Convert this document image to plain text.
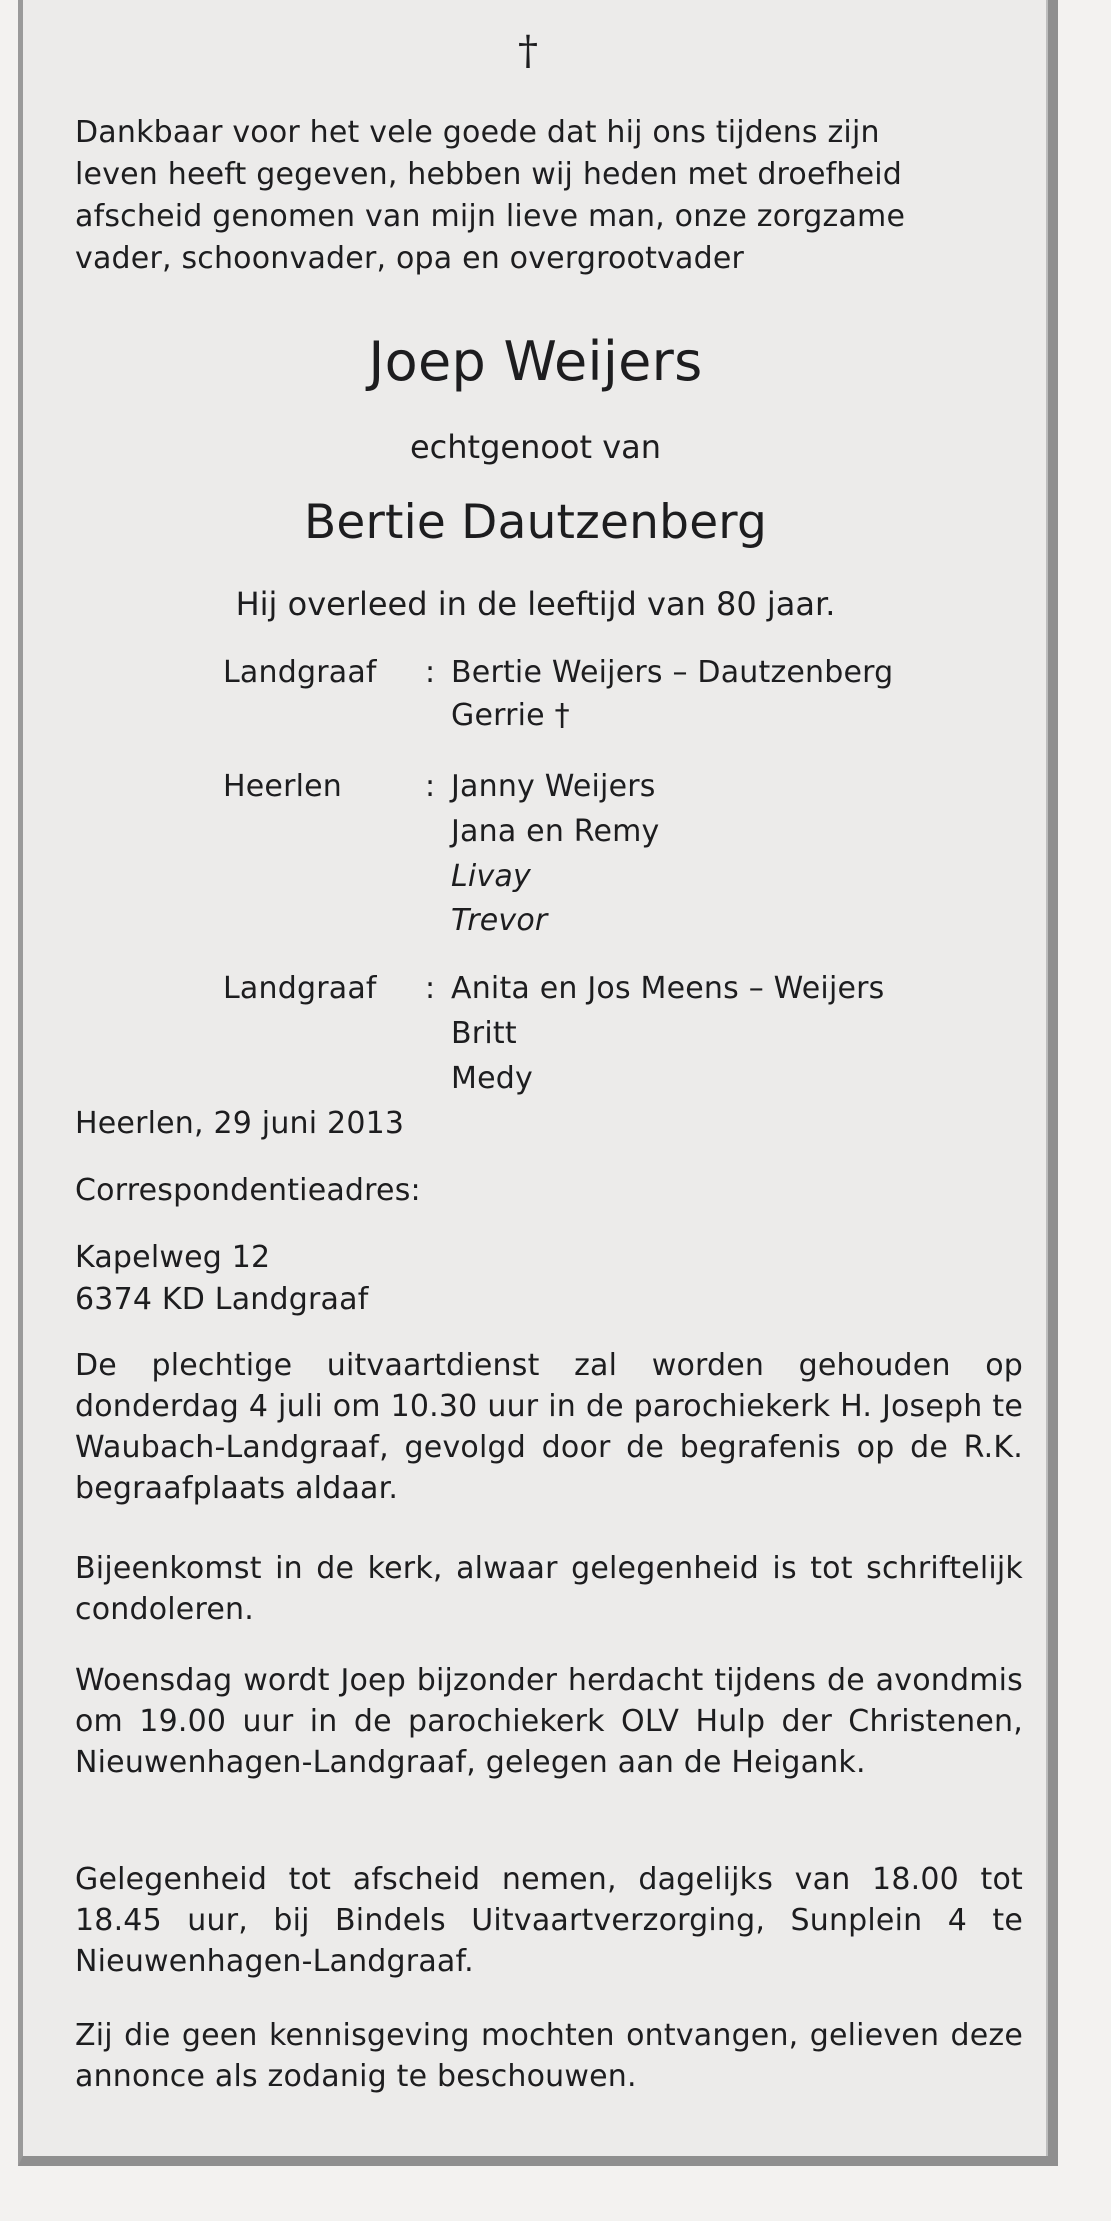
†

Dankbaar voor het vele goede dat hij ons tijdens zijn

leven heeft gegeven, hebben wij heden met droefheid

afscheid genomen van mijn lieve man, onze zorgzame

vader, schoonvader, opa en overgrootvader

Joep Weijers

echtgenoot van

Bertie Dautzenberg

Hij overleed in de leeftijd van 80 jaar.

Landgraaf : Bertie Weijers – Dautzenberg

Gerrie †

Heerlen	: Janny Weijers

Jana en Remy

Livay

Trevor

Landgraaf : Anita en Jos Meens – Weijers

Britt

Medy

Heerlen, 29 juni 2013

Correspondentieadres:

Kapelweg 12

6374 KD Landgraaf

De plechtige uitvaartdienst zal worden gehouden op donderdag 4 juli om 10.30 uur in de parochiekerk H. Joseph te Waubach-Landgraaf, gevolgd door de begrafenis op de R.K. begraafplaats aldaar.

Bijeenkomst in de kerk, alwaar gelegenheid is tot schriftelijk condoleren.

Woensdag wordt Joep bijzonder herdacht tijdens de avondmis om 19.00 uur in de parochiekerk OLV Hulp der Christenen, Nieuwenhagen-Landgraaf, gelegen aan de Heigank.

Gelegenheid tot afscheid nemen, dagelijks van 18.00 tot 18.45 uur, bij Bindels Uitvaartverzorging, Sunplein 4 te Nieuwenhagen-Landgraaf.

Zij die geen kennisgeving mochten ontvangen, gelieven deze annonce als zodanig te beschouwen.
